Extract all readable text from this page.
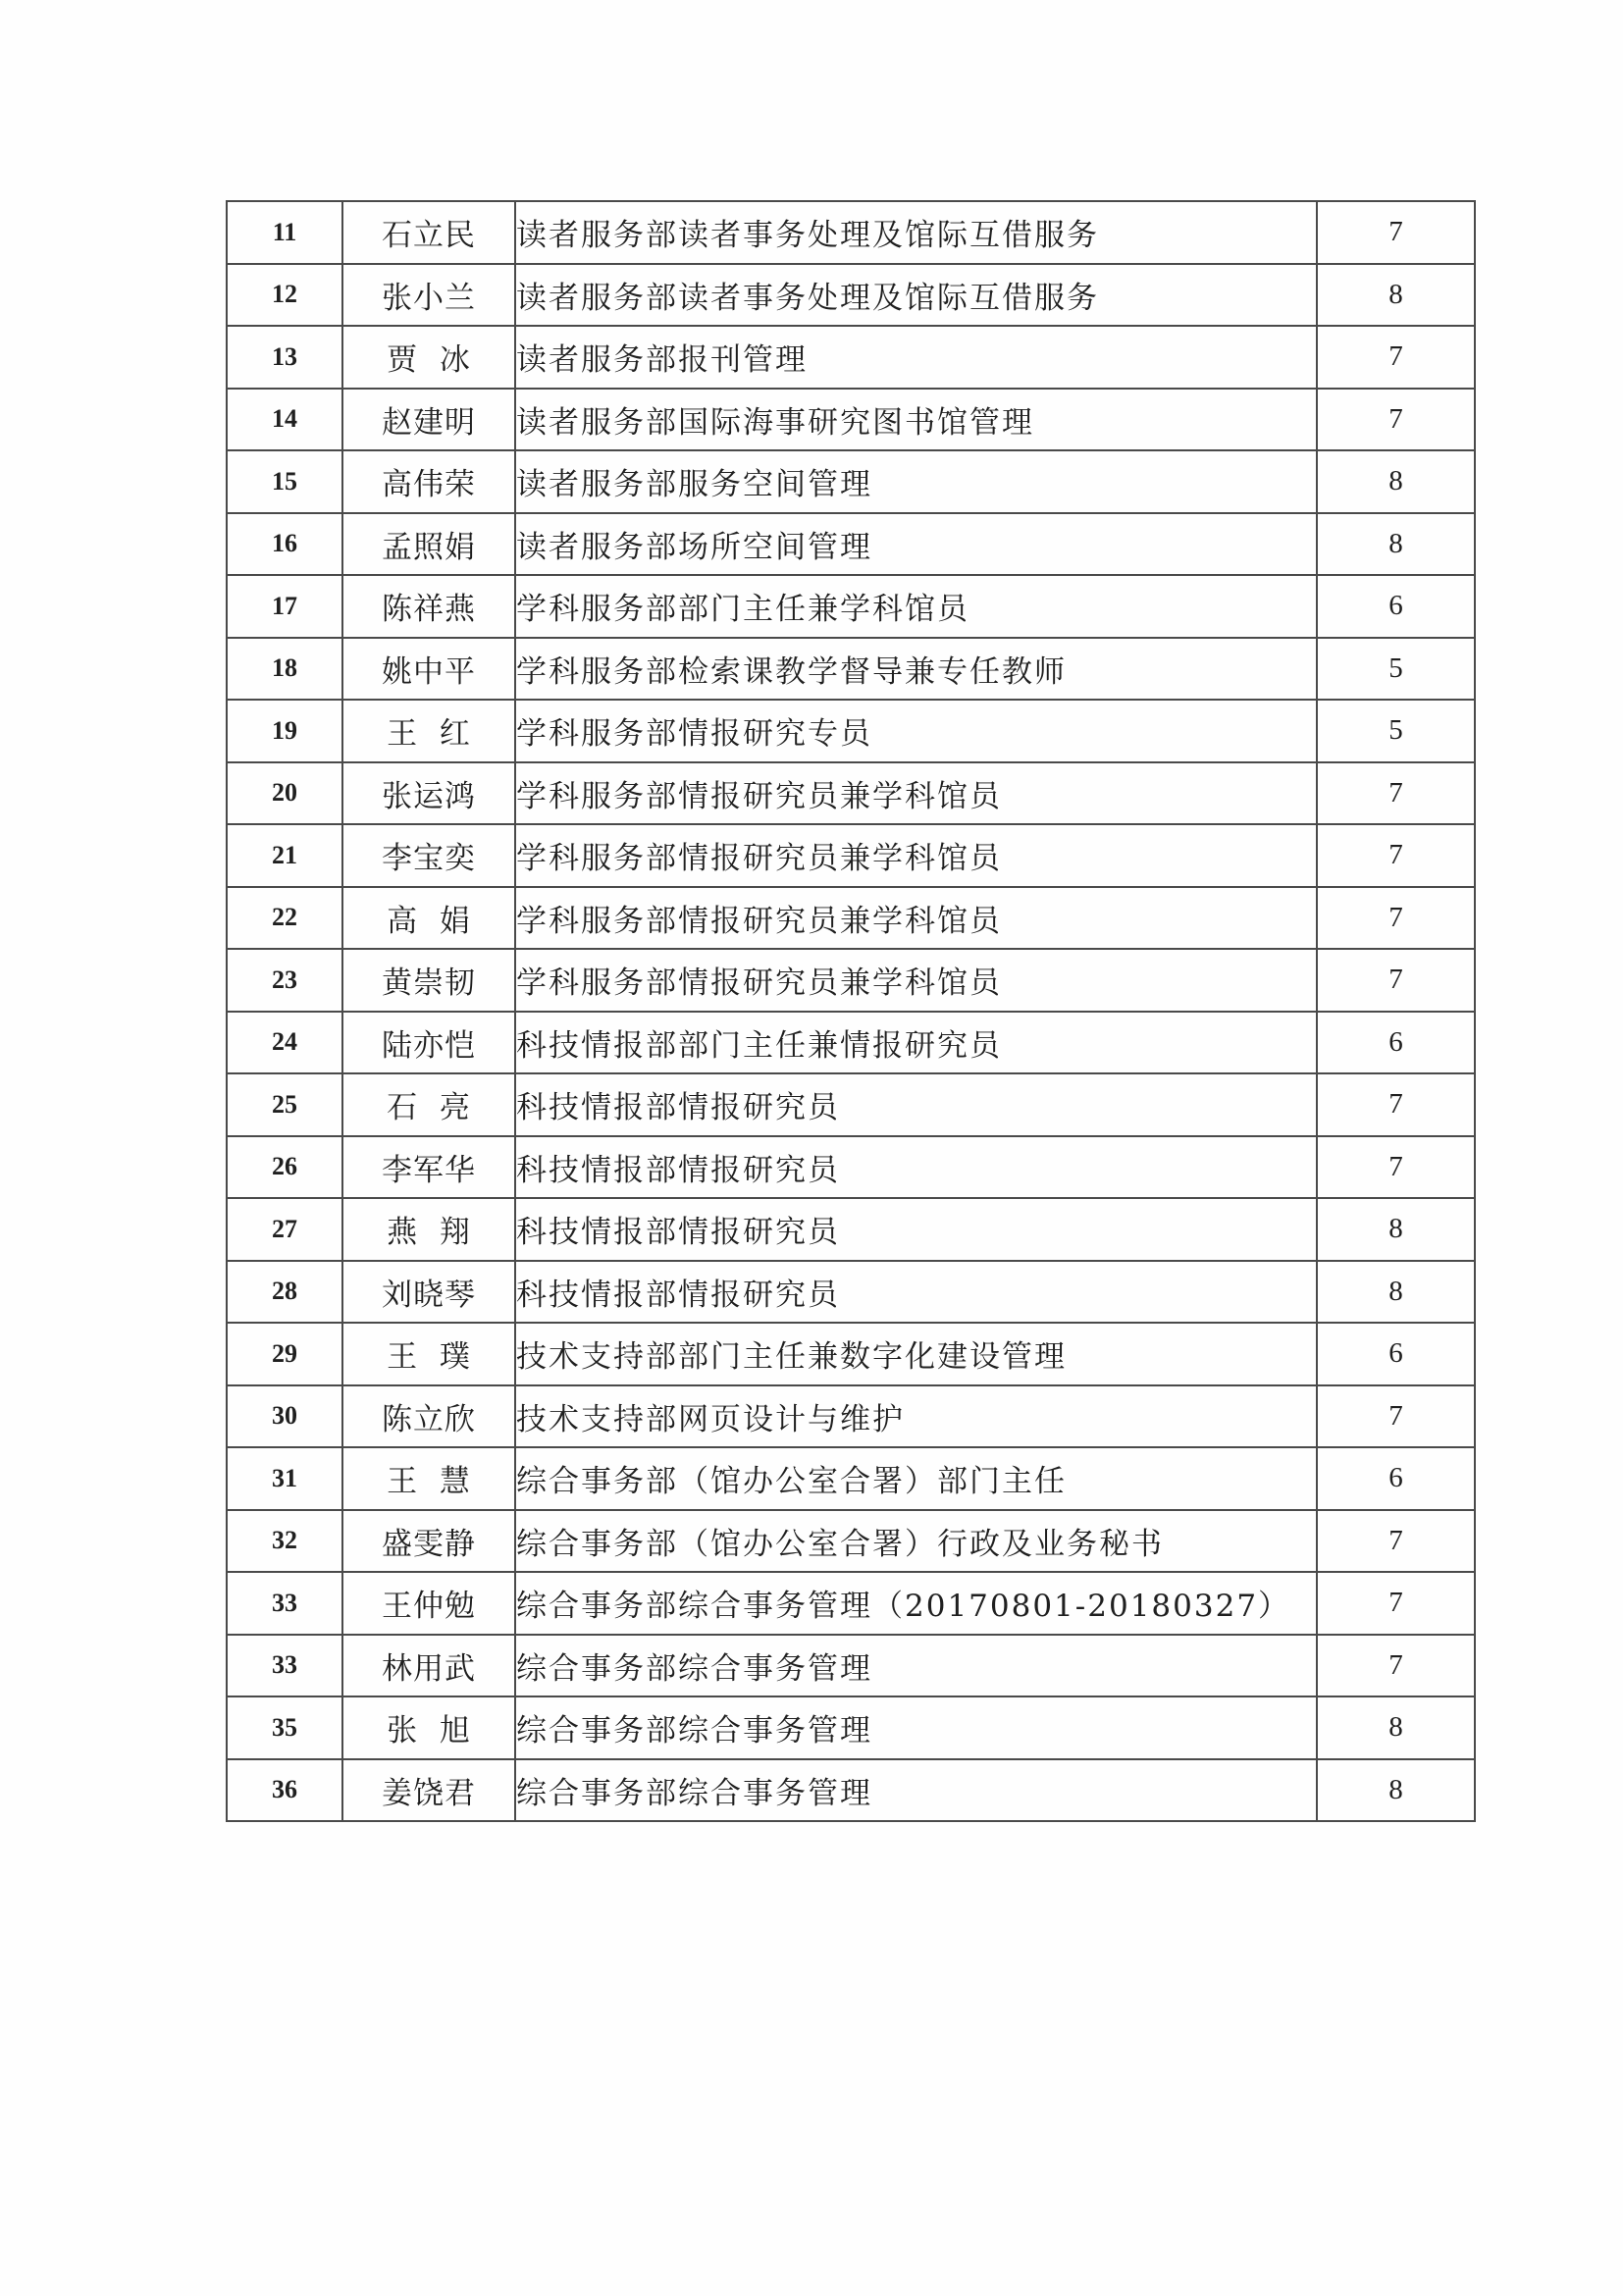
11	石立民	读者服务部读者事务处理及馆际互借服务	7
12	张小兰	读者服务部读者事务处理及馆际互借服务	8
13	贾  冰	读者服务部报刊管理	7
14	赵建明	读者服务部国际海事研究图书馆管理	7
15	高伟荣	读者服务部服务空间管理	8
16	孟照娟	读者服务部场所空间管理	8
17	陈祥燕	学科服务部部门主任兼学科馆员	6
18	姚中平	学科服务部检索课教学督导兼专任教师	5
19	王  红	学科服务部情报研究专员	5
20	张运鸿	学科服务部情报研究员兼学科馆员	7
21	李宝奕	学科服务部情报研究员兼学科馆员	7
22	高  娟	学科服务部情报研究员兼学科馆员	7
23	黄崇韧	学科服务部情报研究员兼学科馆员	7
24	陆亦恺	科技情报部部门主任兼情报研究员	6
25	石  亮	科技情报部情报研究员	7
26	李军华	科技情报部情报研究员	7
27	燕  翔	科技情报部情报研究员	8
28	刘晓琴	科技情报部情报研究员	8
29	王  璞	技术支持部部门主任兼数字化建设管理	6
30	陈立欣	技术支持部网页设计与维护	7
31	王  慧	综合事务部（馆办公室合署）部门主任	6
32	盛雯静	综合事务部（馆办公室合署）行政及业务秘书	7
33	王仲勉	综合事务部综合事务管理（20170801-20180327）	7
33	林用武	综合事务部综合事务管理	7
35	张  旭	综合事务部综合事务管理	8
36	姜饶君	综合事务部综合事务管理	8
